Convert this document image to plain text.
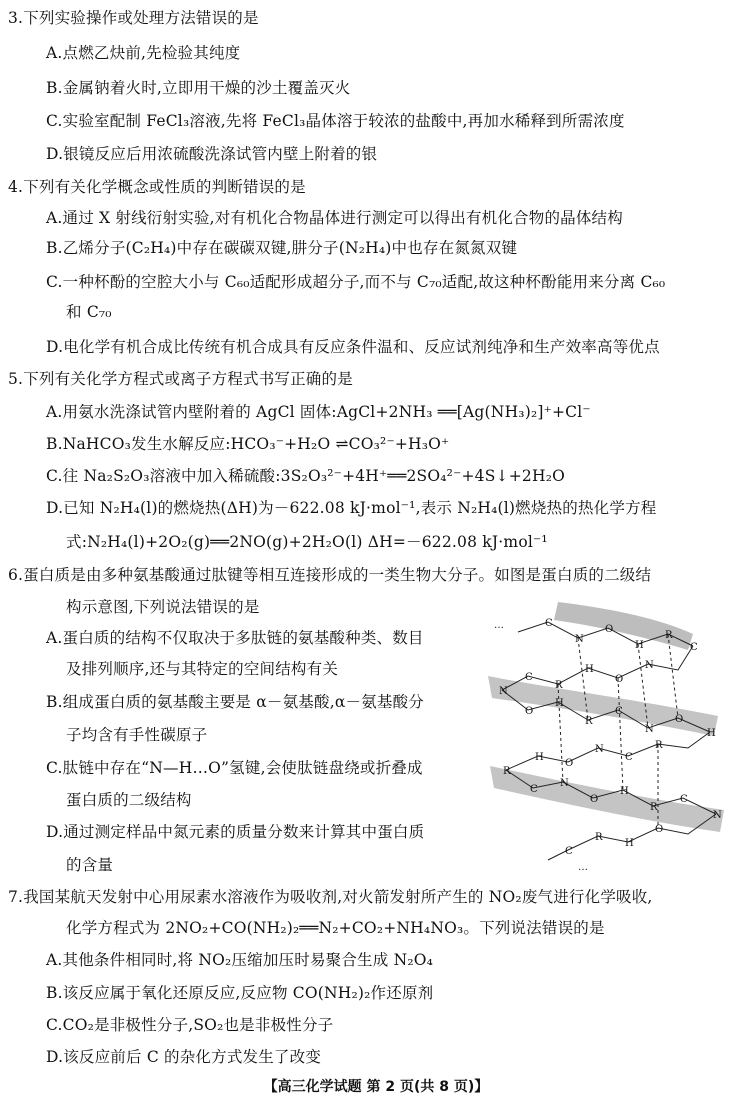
3.下列实验操作或处理方法错误的是
A.点燃乙炔前,先检验其纯度
B.金属钠着火时,立即用干燥的沙土覆盖灭火
C.实验室配制 FeCl₃溶液,先将 FeCl₃晶体溶于较浓的盐酸中,再加水稀释到所需浓度
D.银镜反应后用浓硫酸洗涤试管内壁上附着的银
4.下列有关化学概念或性质的判断错误的是
A.通过 X 射线衍射实验,对有机化合物晶体进行测定可以得出有机化合物的晶体结构
B.乙烯分子(C₂H₄)中存在碳碳双键,肼分子(N₂H₄)中也存在氮氮双键
C.一种杯酚的空腔大小与 C₆₀适配形成超分子,而不与 C₇₀适配,故这种杯酚能用来分离 C₆₀
和 C₇₀
D.电化学有机合成比传统有机合成具有反应条件温和、反应试剂纯净和生产效率高等优点
5.下列有关化学方程式或离子方程式书写正确的是
A.用氨水洗涤试管内壁附着的 AgCl 固体:AgCl+2NH₃ ══[Ag(NH₃)₂]⁺+Cl⁻
B.NaHCO₃发生水解反应:HCO₃⁻+H₂O ⇌CO₃²⁻+H₃O⁺
C.往 Na₂S₂O₃溶液中加入稀硫酸:3S₂O₃²⁻+4H⁺══2SO₄²⁻+4S↓+2H₂O
D.已知 N₂H₄(l)的燃烧热(ΔH)为－622.08 kJ·mol⁻¹,表示 N₂H₄(l)燃烧热的热化学方程
式:N₂H₄(l)+2O₂(g)══2NO(g)+2H₂O(l) ΔH=－622.08 kJ·mol⁻¹
6.蛋白质是由多种氨基酸通过肽键等相互连接形成的一类生物大分子。如图是蛋白质的二级结
构示意图,下列说法错误的是
A.蛋白质的结构不仅取决于多肽链的氨基酸种类、数目
及排列顺序,还与其特定的空间结构有关
B.组成蛋白质的氨基酸主要是 α－氨基酸,α－氨基酸分
子均含有手性碳原子
C.肽链中存在“N—H…O”氢键,会使肽链盘绕或折叠成
蛋白质的二级结构
D.通过测定样品中氮元素的质量分数来计算其中蛋白质
的含量
7.我国某航天发射中心用尿素水溶液作为吸收剂,对火箭发射所产生的 NO₂废气进行化学吸收,
化学方程式为 2NO₂+CO(NH₂)₂══N₂+CO₂+NH₄NO₃。下列说法错误的是
A.其他条件相同时,将 NO₂压缩加压时易聚合生成 N₂O₄
B.该反应属于氧化还原反应,反应物 CO(NH₂)₂作还原剂
C.CO₂是非极性分子,SO₂也是非极性分子
D.该反应前后 C 的杂化方式发生了改变
C
N
O
H
R
C
N
O
H
R
C
N
O
H
R
C
N
O
H
R
C
N
O
H
R
C
N
O
H
R
C
N
O
H
R
C
…
…
【高三化学试题 第 2 页(共 8 页)】
